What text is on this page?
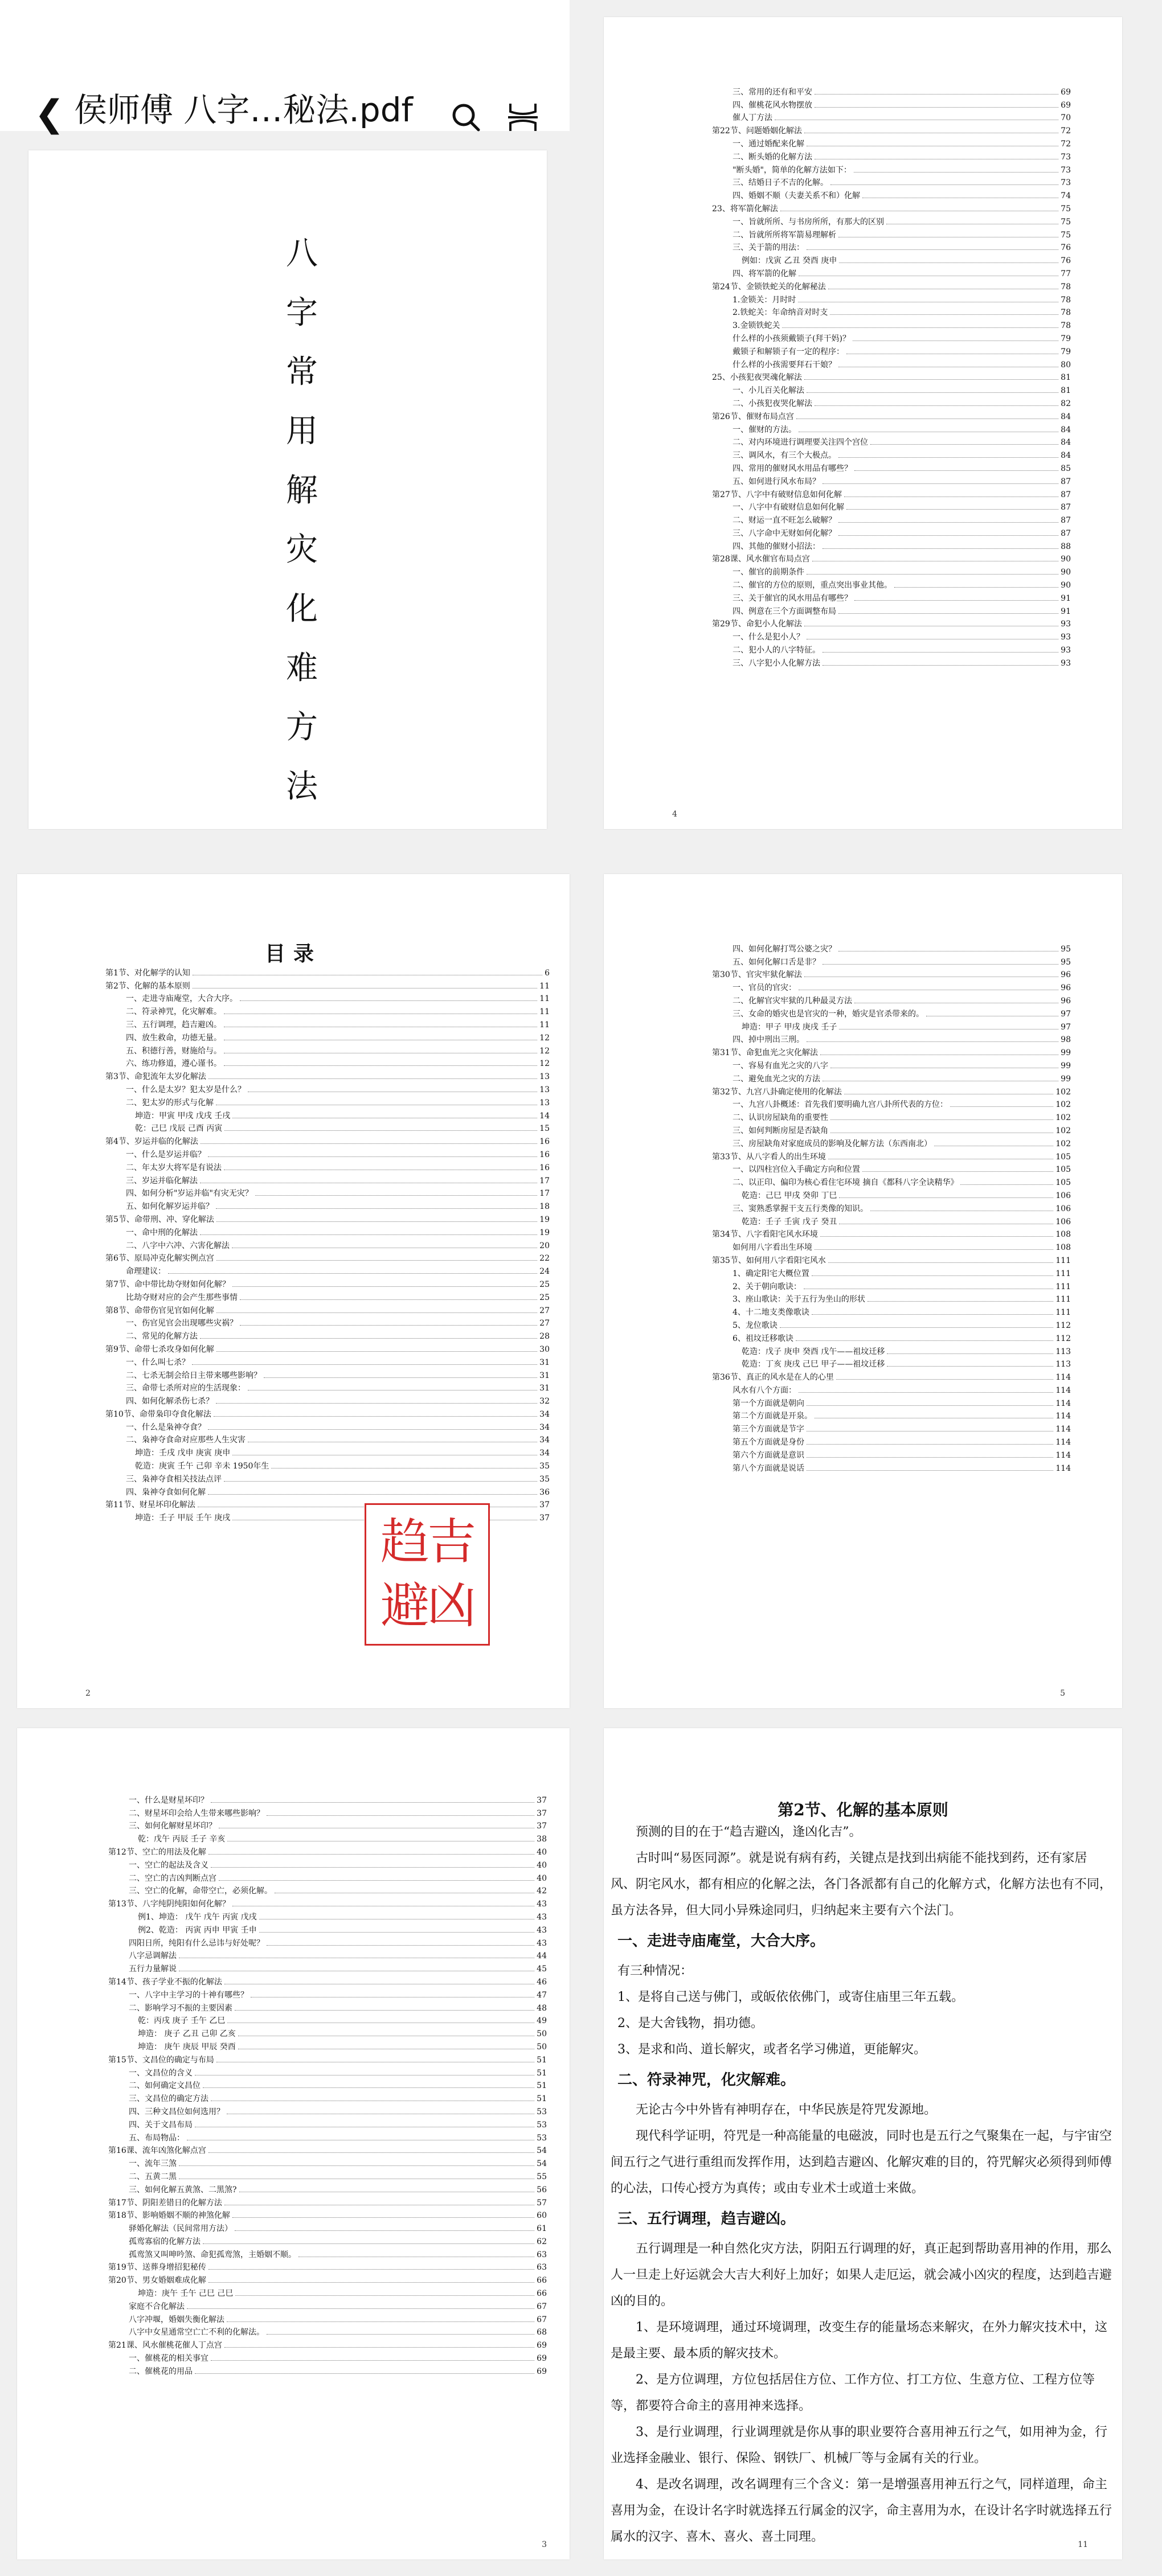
❮ 侯师傅 八字…秘法.pdf
八
字
常
用
解
灾
化
难
方
法
三、常用的还有和平安	69
四、催桃花风水物摆放	69
催人丁方法	70
第22节、问题婚姻化解法	72
一、通过婚配来化解	72
二、断头婚的化解方法	73
"断头婚"，简单的化解方法如下：	73
三、结婚日子不吉的化解。	73
四、婚姻不顺（夫妻关系不和）化解	74
23、将军箭化解法	75
一、旨就所所、与书房所所，有那大的区别	75
二、旨就所所将军箭易理解析	75
三、关于箭的用法：	76
例如：戊寅 乙丑 癸酉 庚申	76
四、将军箭的化解	77
第24节、金锁铁蛇关的化解秘法	78
1.金锁关：月时时	78
2.铁蛇关：年命纳音对时支	78
3.金锁铁蛇关	78
什么样的小孩须戴锁子(拜干妈)？	79
戴锁子和解锁子有一定的程序：	79
什么样的小孩需要拜石干娘？	80
25、小孩犯夜哭魂化解法	81
一、小儿百关化解法	81
二、小孩犯夜哭化解法	82
第26节、催财布局点宫	84
一、催财的方法。	84
二、对内环境进行调理要关注四个宫位	84
三、调风水，有三个大极点。	84
四、常用的催财风水用品有哪些？	85
五、如何进行风水布局？	87
第27节、八字中有破财信息如何化解	87
一、八字中有破财信息如何化解	87
二、财运一直不旺怎么破解？	87
三、八字命中无财如何化解？	87
四、其他的催财小招法：	88
第28课、风水催官布局点宫	90
一、催官的前期条件	90
二、催官的方位的原则，重点突出事业其他。	90
三、关于催官的风水用品有哪些？	91
四、例意在三个方面调整布局	91
第29节、命犯小人化解法	93
一、什么是犯小人？	93
二、犯小人的八字特征。	93
三、八字犯小人化解方法	93
4
目录
第1节、对化解学的认知	6
第2节、化解的基本原则	11
一、走进寺庙庵堂，大合大序。	11
二、符录神咒，化灾解难。	11
三、五行调理，趋吉避凶。	11
四、放生救命，功德无量。	12
五、积德行善，财施给与。	12
六、练功修道，遵心谨书。	12
第3节、命犯流年太岁化解法	13
一、什么是太岁？犯太岁是什么？	13
二、犯太岁的形式与化解	13
坤造：甲寅 甲戌 戊戌 壬戌	14
乾：己巳 戊辰 己酉 丙寅	15
第4节、岁运并临的化解法	16
一、什么是岁运并临？	16
二、年太岁大将军是有说法	16
三、岁运并临化解法	17
四、如何分析"岁运并临"有灾无灾？	17
五、如何化解岁运并临？	18
第5节、命带刑、冲、穿化解法	19
一、命中刑的化解法	19
二、八字中六冲、六害化解法	20
第6节、原局冲克化解实例点宫	22
命理建议：	24
第7节、命中带比劫夺财如何化解？	25
比劫夺财对应的会产生那些事情	25
第8节、命带伤官见官如何化解	27
一、伤官见官会出现哪些灾祸？	27
二、常见的化解方法	28
第9节、命带七杀攻身如何化解	30
一、什么叫七杀？	31
二、七杀无制会给日主带来哪些影响？	31
三、命带七杀所对应的生活现象：	31
四、如何化解杀伤七杀？	32
第10节、命带枭印夺食化解法	34
一、什么是枭神夺食？	34
二、枭神夺食命对应那些人生灾害	34
坤造：壬戌 戊申 庚寅 庚申	34
乾造：庚寅 壬午 己卯 辛未 1950年生	35
三、枭神夺食相关技法点评	35
四、枭神夺食如何化解	36
第11节、财星坏印化解法	37
坤造：壬子 甲辰 壬午 庚戌	37
2
趋吉
避凶
四、如何化解打骂公婆之灾？	95
五、如何化解口舌是非？	95
第30节、官灾牢狱化解法	96
一、官员的官灾：	96
二、化解官灾牢狱的几种最灵方法	96
三、女命的婚灾也是官灾的一种，婚灾是官杀带来的。	97
坤造：甲子 甲戌 庚戌 壬子	97
四、掉中刑出三刑。	98
第31节、命犯血光之灾化解法	99
一、容易有血光之灾的八字	99
二、避免血光之灾的方法	99
第32节、九宫八卦确定使用的化解法	102
一、九宫八卦概述：首先我们要明确九宫八卦所代表的方位：	102
二、认识房屋缺角的重要性	102
三、如何判断房屋是否缺角	102
三、房屋缺角对家庭成员的影响及化解方法（东西南北）	102
第33节、从八字看人的出生环境	105
一、以四柱宫位入手确定方向和位置	105
二、以正印、偏印为核心看住宅环境 摘自《都科八字全诀精华》	105
乾造：己巳 甲戌 癸卯 丁巳	106
三、窦熟悉掌握干支五行类像的知识。	106
乾造：壬子 壬寅 戊子 癸丑	106
第34节、八字看阳宅风水环境	108
如何用八字看出生环境	108
第35节、如何用八字看阳宅风水	111
1、确定阳宅大概位置	111
2、关于朝向歌诀：	111
3、座山歌诀：关于五行为坐山的形状	111
4、十二地支类像歌诀	111
5、龙位歌诀	112
6、祖坟迁移歌诀	112
乾造：戊子 庚申 癸酉 戊午——祖坟迁移	113
乾造：丁亥 庚戌 己巳 甲子——祖坟迁移	113
第36节、真正的风水是在人的心里	114
风水有八个方面：	114
第一个方面就是朝向	114
第二个方面就是开泉。	114
第三个方面就是节字	114
第五个方面就是身份	114
第六个方面就是意识	114
第八个方面就是说话	114
5
一、什么是财星坏印？	37
二、财星坏印会给人生带来哪些影响？	37
三、如何化解财星坏印？	37
乾：戊午 丙辰 壬子 辛亥	38
第12节、空亡的用法及化解	40
一、空亡的起法及含义	40
二、空亡的吉凶判断点宫	40
三、空亡的化解，命带空亡，必须化解。	42
第13节、八字纯阴纯阳如何化解？	43
例1、坤造： 戊午 戊午 丙寅 戊戌	43
例2、乾造： 丙寅 丙申 甲寅 壬申	43
四阳日所，纯阳有什么忌讳与好处呢？	43
八字忌调解法	44
五行力量解说	45
第14节、孩子学业不振的化解法	46
一、八字中主学习的十神有哪些？	47
二、影响学习不振的主要因素	48
乾：丙戌 庚子 壬午 乙巳	49
坤造： 庚子 乙丑 己卯 乙亥	50
坤造： 庚午 庚辰 甲辰 癸酉	50
第15节、文昌位的确定与布局	51
一、文昌位的含义	51
二、如何确定文昌位	51
三、文昌位的确定方法	51
四、三种文昌位如何选用？	53
四、关于文昌布局	53
五、布局物品：	53
第16课、流年凶煞化解点宫	54
一、流年三煞	54
二、五黄二黑	55
三、如何化解五黄煞、二黑煞?	56
第17节、阴阳差错日的化解方法	57
第18节、影响婚姻不顺的神煞化解	60
驿婚化解法（民间常用方法）	61
孤鸾寡宿的化解方法	62
孤鸾煞又叫呻吟煞、命犯孤鸾煞，主婚姻不顺。	63
第19节、送葬身增招犯秘传	63
第20节、男女婚姻难成化解	66
坤造：庚午 壬午 己巳 己巳	66
家庭不合化解法	67
八字冲堰，婚姻失衡化解法	67
八字中女星通常空亡亡不利的化解法。	68
第21课、风水催桃花催人丁点宫	69
一、催桃花的相关事宜	69
二、催桃花的用品	69
3
第2节、化解的基本原则
11

预测的目的在于“趋吉避凶，逢凶化吉”。

古时叫“易医同源”。就是说有病有药，关键点是找到出病能不能找到药，还有家居风、阴宅风水，都有相应的化解之法，各门各派都有自己的化解方式，化解方法也有不同，虽方法各异，但大同小异殊途同归，归纳起来主要有六个法门。

一、走进寺庙庵堂，大合大序。

有三种情况：

1、是将自己送与佛门，或皈依依佛门，或寄住庙里三年五载。

2、是大舍钱物，捐功德。

3、是求和尚、道长解灾，或者名学习佛道，更能解灾。

二、符录神咒，化灾解难。

无论古今中外皆有神明存在，中华民族是符咒发源地。

现代科学证明，符咒是一种高能量的电磁波，同时也是五行之气聚集在一起，与宇宙空间五行之气进行重组而发挥作用，达到趋吉避凶、化解灾难的目的，符咒解灾必须得到师傅的心法，口传心授方为真传；或由专业术士或道士来做。

三、五行调理，趋吉避凶。

五行调理是一种自然化灾方法，阴阳五行调理的好，真正起到帮助喜用神的作用，那么人一旦走上好运就会大吉大利好上加好；如果人走厄运，就会减小凶灾的程度，达到趋吉避凶的目的。

1、是环境调理，通过环境调理，改变生存的能量场态来解灾，在外力解灾技术中，这是最主要、最本质的解灾技术。

2、是方位调理，方位包括居住方位、工作方位、打工方位、生意方位、工程方位等等，都要符合命主的喜用神来选择。

3、是行业调理，行业调理就是你从事的职业要符合喜用神五行之气，如用神为金，行业选择金融业、银行、保险、钢铁厂、机械厂等与金属有关的行业。

4、是改名调理，改名调理有三个含义：第一是增强喜用神五行之气，同样道理，命主喜用为金，在设计名字时就选择五行属金的汉字，命主喜用为水，在设计名字时就选择五行属水的汉字、喜木、喜火、喜土同理。
